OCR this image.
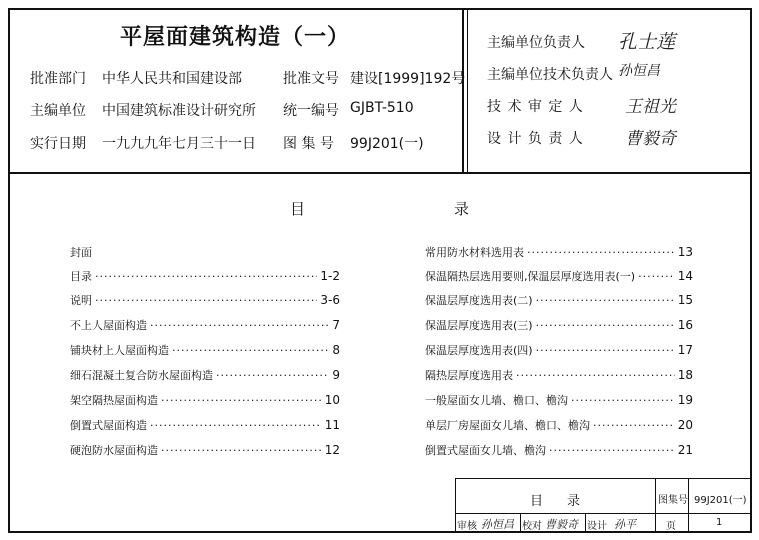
平屋面建筑构造（一）
批准部门 中华人民共和国建设部	批准文号 建设[1999]192号
主编单位 中国建筑标准设计研究所 统一编号 GJBT-510
实行日期 一九九九年七月三十一日 图 集 号 99J201(一)
主编单位负责人 孔士莲
主编单位技术负责人 孙恒昌
技 术 审 定 人 王祖光
设 计 负 责 人 曹毅奇
目	录
封面
目录 ·····	1-2
说明 ·····	3-6
不上人屋面构造 ·····	7
铺块材上人屋面构造 ·····	8
细石混凝土复合防水屋面构造 ·····	9
架空隔热屋面构造 ·····	10
倒置式屋面构造 ·····	11
硬泡防水屋面构造 ·····	12
常用防水材料选用表 ·····	13
保温隔热层选用要则,保温层厚度选用表(一) ·····	14
保温层厚度选用表(二) ·····	15
保温层厚度选用表(三) ·····	16
保温层厚度选用表(四) ·····	17
隔热层厚度选用表 ·····	18
一般屋面女儿墙、檐口、檐沟 ·····	19
单层厂房屋面女儿墙、檐口、檐沟 ·····	20
倒置式屋面女儿墙、檐沟 ·····	21
目 录	图集号 99J201(一)
审核 孙恒昌 校对 曹毅奇 设计 孙平	页	1
